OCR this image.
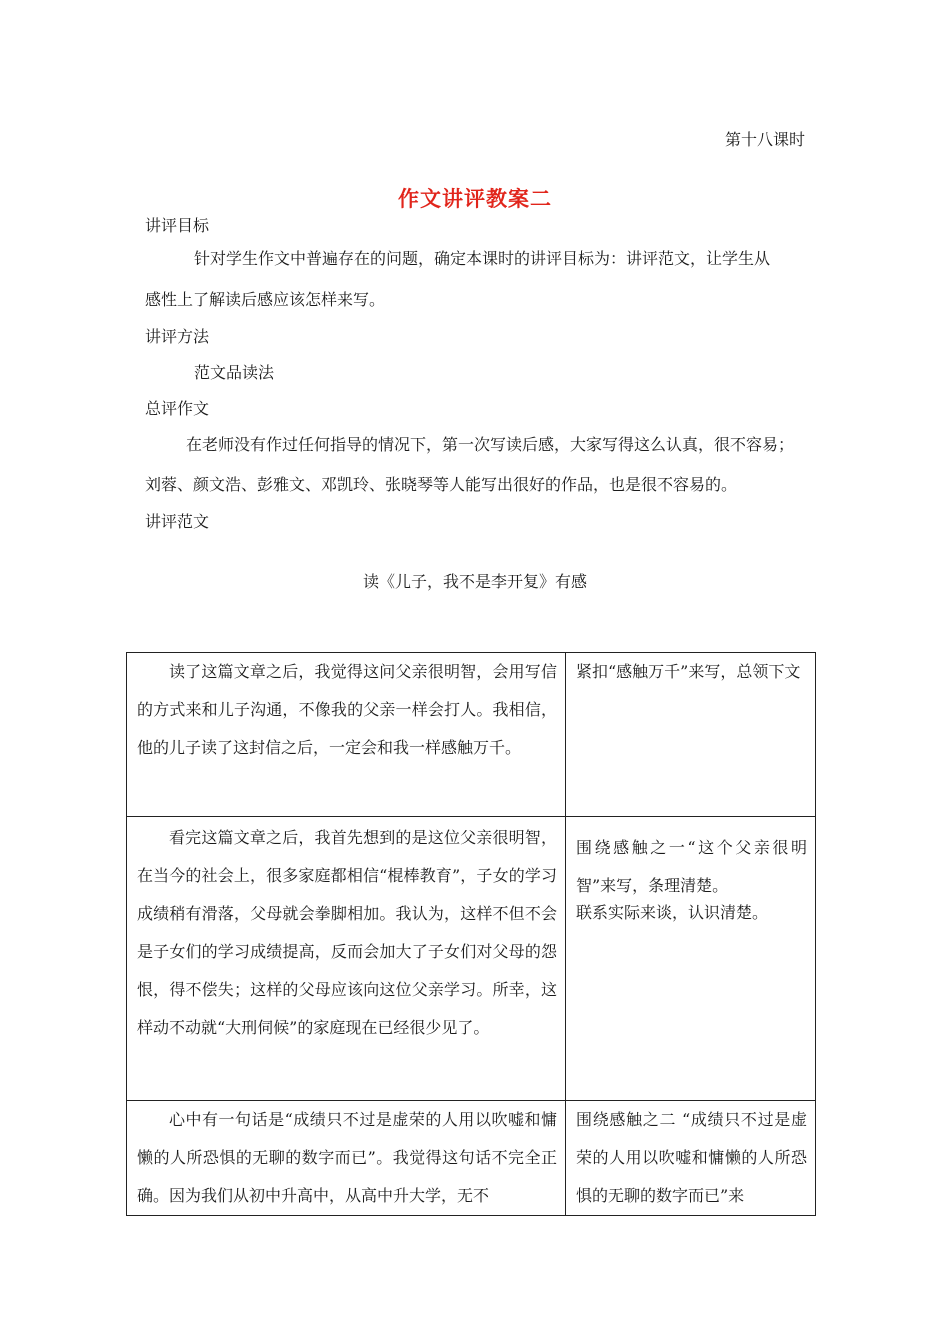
第十八课时
作文讲评教案二
讲评目标
针对学生作文中普遍存在的问题，确定本课时的讲评目标为：讲评范文，让学生从
感性上了解读后感应该怎样来写。
讲评方法
范文品读法
总评作文
在老师没有作过任何指导的情况下，第一次写读后感，大家写得这么认真，很不容易；
刘蓉、颜文浩、彭雅文、邓凯玲、张晓琴等人能写出很好的作品，也是很不容易的。
讲评范文
读《儿子，我不是李开复》有感
读了这篇文章之后，我觉得这问父亲很明智，会用写信的方式来和儿子沟通，不像我的父亲一样会打人。我相信，他的儿子读了这封信之后，一定会和我一样感触万千。	紧扣“感触万千”来写，总领下文

看完这篇文章之后，我首先想到的是这位父亲很明智，在当今的社会上，很多家庭都相信“棍棒教育”，子女的学习成绩稍有滑落，父母就会拳脚相加。我认为，这样不但不会是子女们的学习成绩提高，反而会加大了子女们对父母的怨恨，得不偿失；这样的父母应该向这位父亲学习。所幸，这样动不动就“大刑伺候”的家庭现在已经很少见了。	围绕感触之一“这个父亲很明智”来写，条理清楚。
联系实际来谈，认识清楚。

心中有一句话是“成绩只不过是虚荣的人用以吹嘘和慵懒的人所恐惧的无聊的数字而已”。我觉得这句话不完全正确。因为我们从初中升高中，从高中升大学，无不	围绕感触之二 “成绩只不过是虚荣的人用以吹嘘和慵懒的人所恐惧的无聊的数字而已”来
